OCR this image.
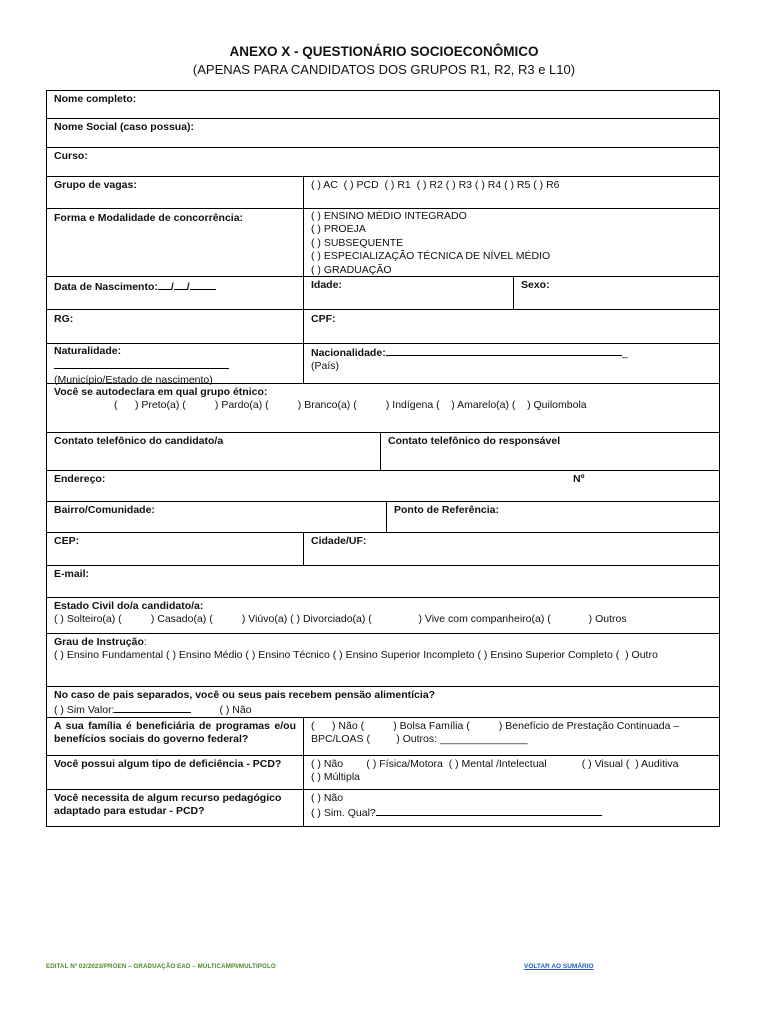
ANEXO X - QUESTIONÁRIO SOCIOECONÔMICO
(APENAS PARA CANDIDATOS DOS GRUPOS R1, R2, R3 e L10)
Nome completo:
Nome Social (caso possua):
Curso:
Grupo de vagas:	( ) AC  ( ) PCD  ( ) R1  ( ) R2 ( ) R3 ( ) R4 ( ) R5 ( ) R6
Forma e Modalidade de concorrência:	( ) ENSINO MÉDIO INTEGRADO
( ) PROEJA
( ) SUBSEQUENTE
( ) ESPECIALIZAÇÃO TÉCNICA DE NÍVEL MÉDIO
( ) GRADUAÇÃO
Data de Nascimento: / /	Idade:	Sexo:
RG:	CPF:
Naturalidade:
(Município/Estado de nascimento)
Nacionalidade:	_
(País)
Você se autodeclara em qual grupo étnico:
(      ) Preto(a) (          ) Pardo(a) (          ) Branco(a) (          ) Indígena (    ) Amarelo(a) (    ) Quilombola
Contato telefônico do candidato/a	Contato telefônico do responsável
Endereço:	Nº
Bairro/Comunidade:	Ponto de Referência:
CEP:	Cidade/UF:
E-mail:
Estado Civil do/a candidato/a:
( ) Solteiro(a) (          ) Casado(a) (          ) Viúvo(a) ( ) Divorciado(a) (                ) Vive com companheiro(a) (             ) Outros
Grau de Instrução:
( ) Ensino Fundamental ( ) Ensino Médio ( ) Ensino Técnico ( ) Ensino Superior Incompleto ( ) Ensino Superior Completo (  ) Outro
No caso de pais separados, você ou seus pais recebem pensão alimentícia?
( ) Sim Valor:	( ) Não
A sua família é beneficiária de programas e/ou benefícios sociais do governo federal?
(      ) Não (          ) Bolsa Família (          ) Benefício de Prestação Continuada –
BPC/LOAS (         ) Outros: _______________
Você possui algum tipo de deficiência - PCD?	( ) Não        ( ) Física/Motora  ( ) Mental /Intelectual            ( ) Visual (  ) Auditiva
( ) Múltipla
Você necessita de algum recurso pedagógico adaptado para estudar - PCD?
( ) Não
( ) Sim. Qual?
EDITAL Nº 02/2023/PROEN – GRADUAÇÃO EAD – MULTICAMPI/MULTIPOLO	VOLTAR AO SUMÁRIO
